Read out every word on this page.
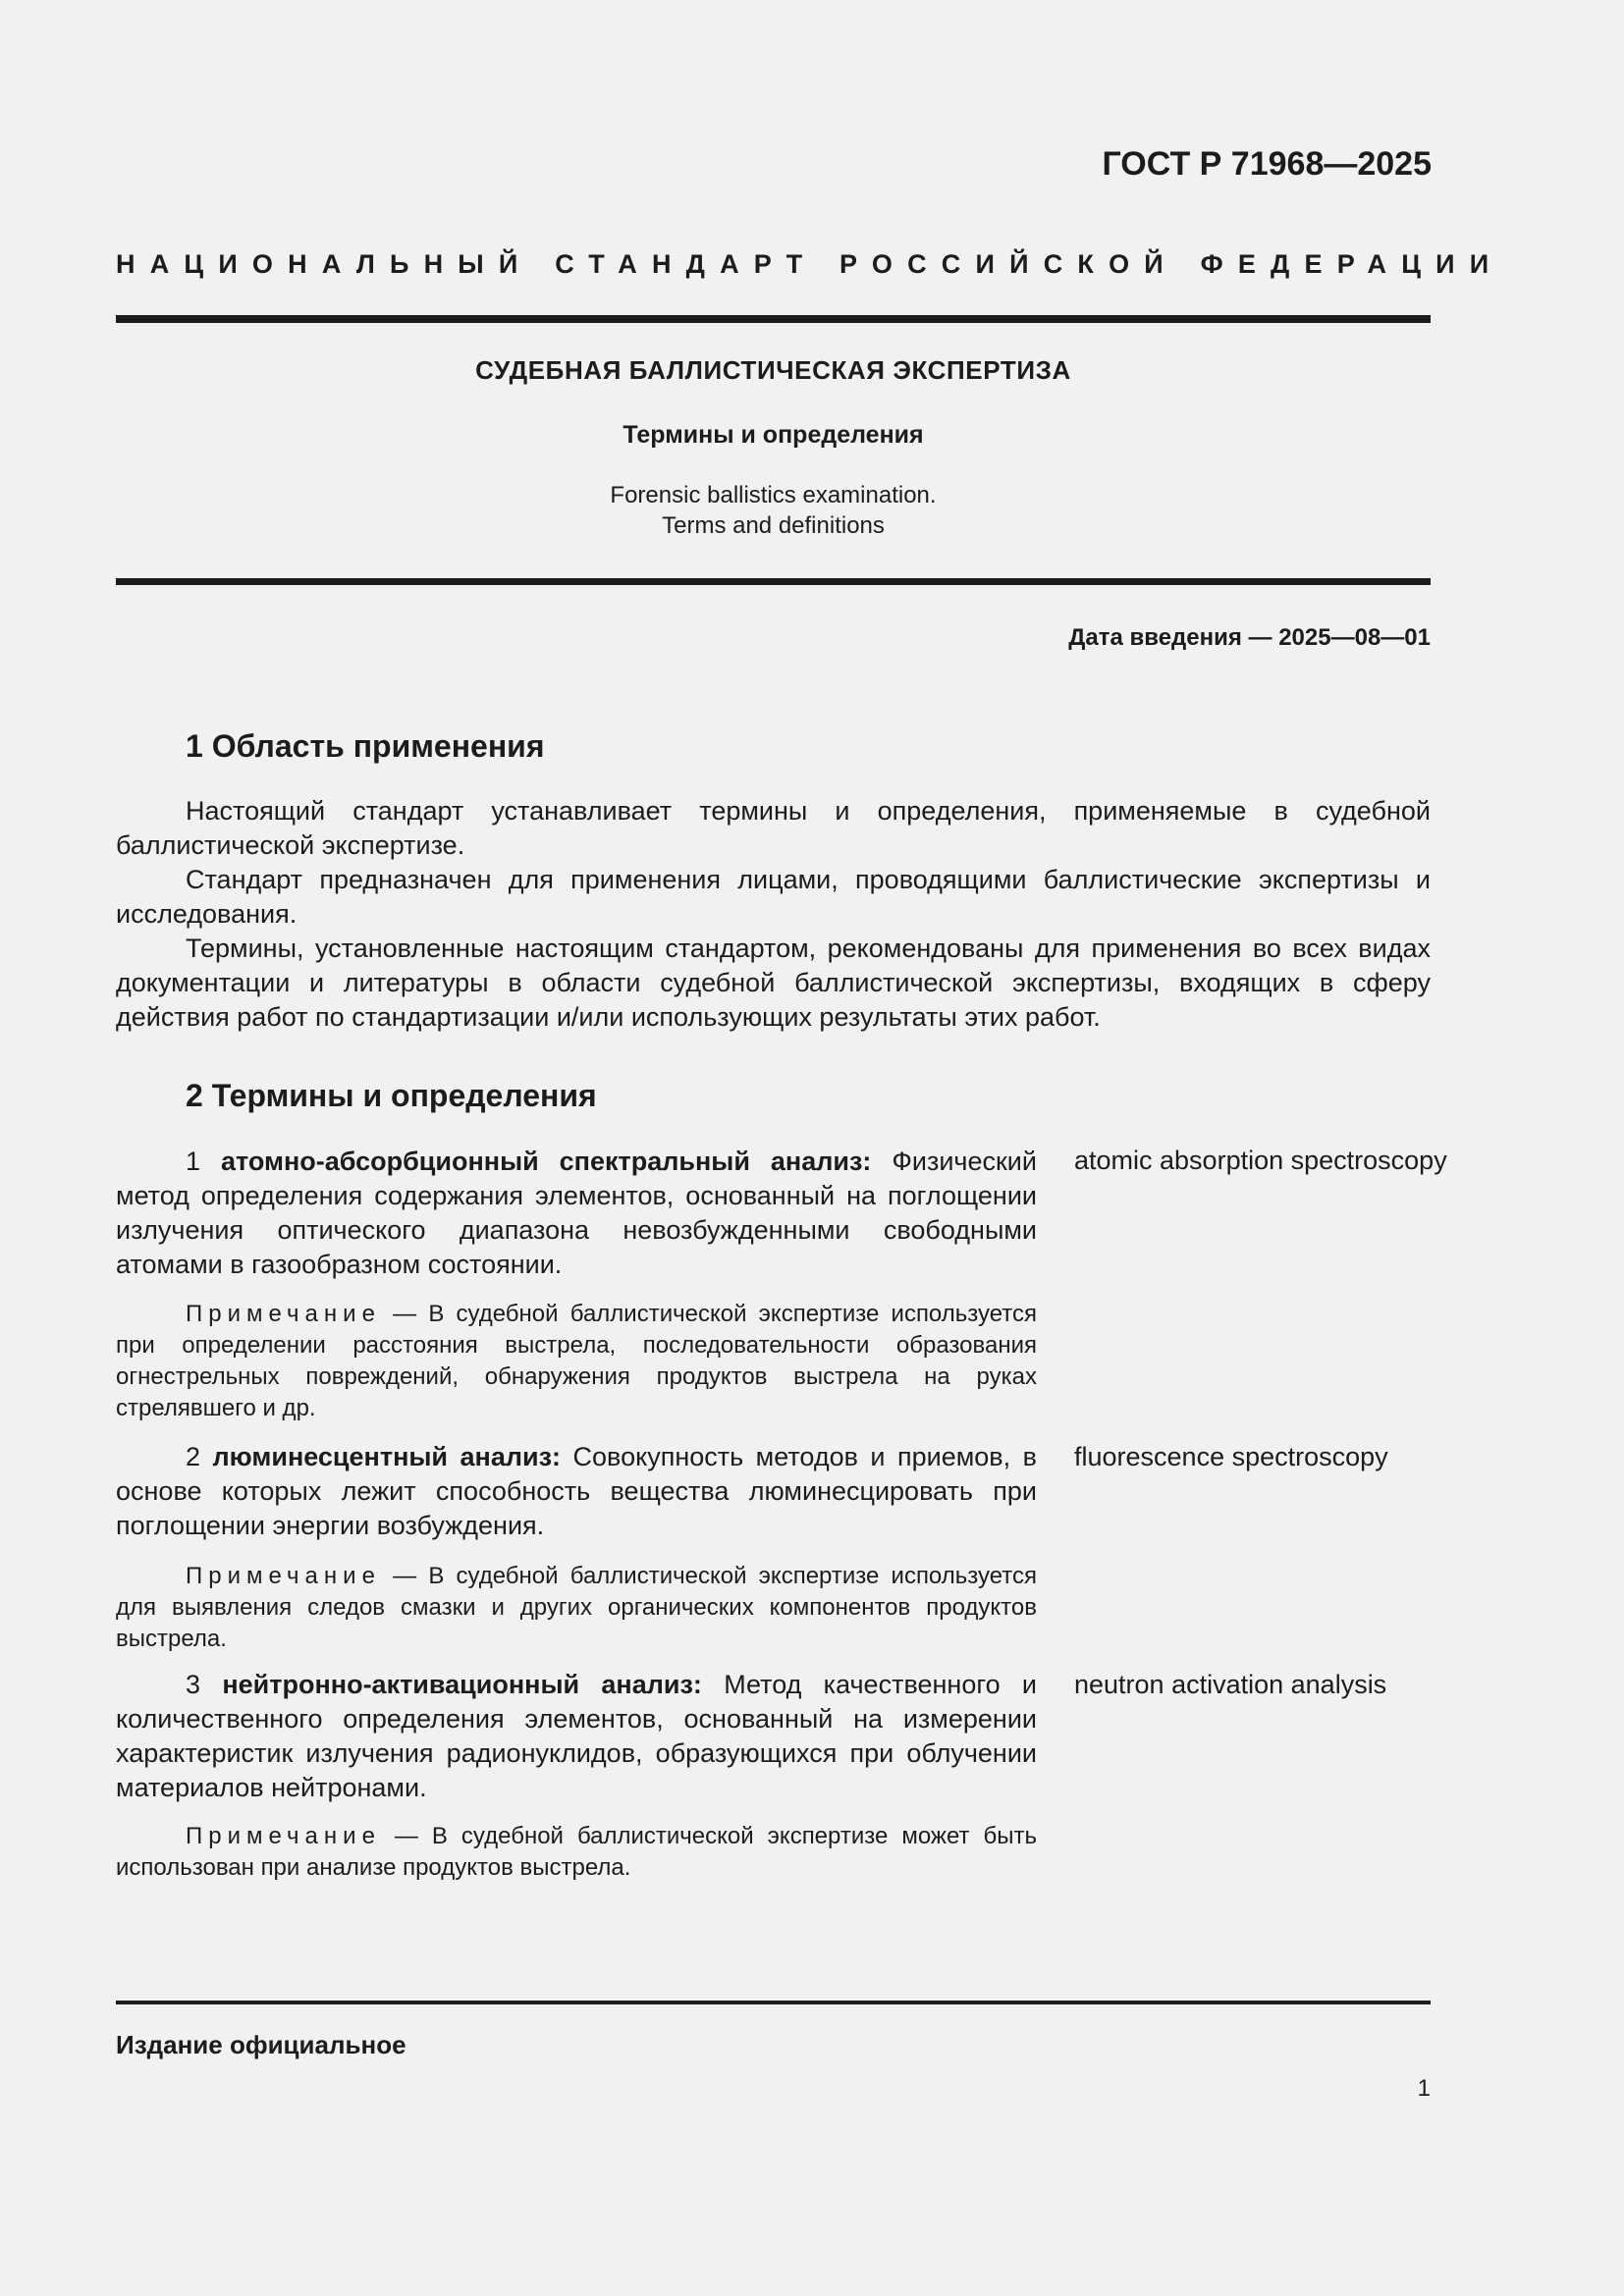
ГОСТ Р 71968—2025
НАЦИОНАЛЬНЫЙ СТАНДАРТ РОССИЙСКОЙ ФЕДЕРАЦИИ
СУДЕБНАЯ БАЛЛИСТИЧЕСКАЯ ЭКСПЕРТИЗА
Термины и определения
Forensic ballistics examination.
Terms and definitions
Дата введения — 2025—08—01
1 Область применения

Настоящий стандарт устанавливает термины и определения, применяемые в судебной баллистической экспертизе.

Стандарт предназначен для применения лицами, проводящими баллистические экспертизы и исследования.

Термины, установленные настоящим стандартом, рекомендованы для применения во всех видах документации и литературы в области судебной баллистической экспертизы, входящих в сферу действия работ по стандартизации и/или использующих результаты этих работ.

2 Термины и определения

1 атомно-абсорбционный спектральный анализ: Физический метод определения содержания элементов, основанный на поглощении излучения оптического диапазона невозбужденными свободными атомами в газообразном состоянии.

atomic absorption spectroscopy

Примечание — В судебной баллистической экспертизе используется при определении расстояния выстрела, последовательности образования огнестрельных повреждений, обнаружения продуктов выстрела на руках стрелявшего и др.

2 люминесцентный анализ: Совокупность методов и приемов, в основе которых лежит способность вещества люминесцировать при поглощении энергии возбуждения.

fluorescence spectroscopy

Примечание — В судебной баллистической экспертизе используется для выявления следов смазки и других органических компонентов продуктов выстрела.

3 нейтронно-активационный анализ: Метод качественного и количественного определения элементов, основанный на измерении характеристик излучения радионуклидов, образующихся при облучении материалов нейтронами.

neutron activation analysis

Примечание — В судебной баллистической экспертизе может быть использован при анализе продуктов выстрела.

Издание официальное
1
